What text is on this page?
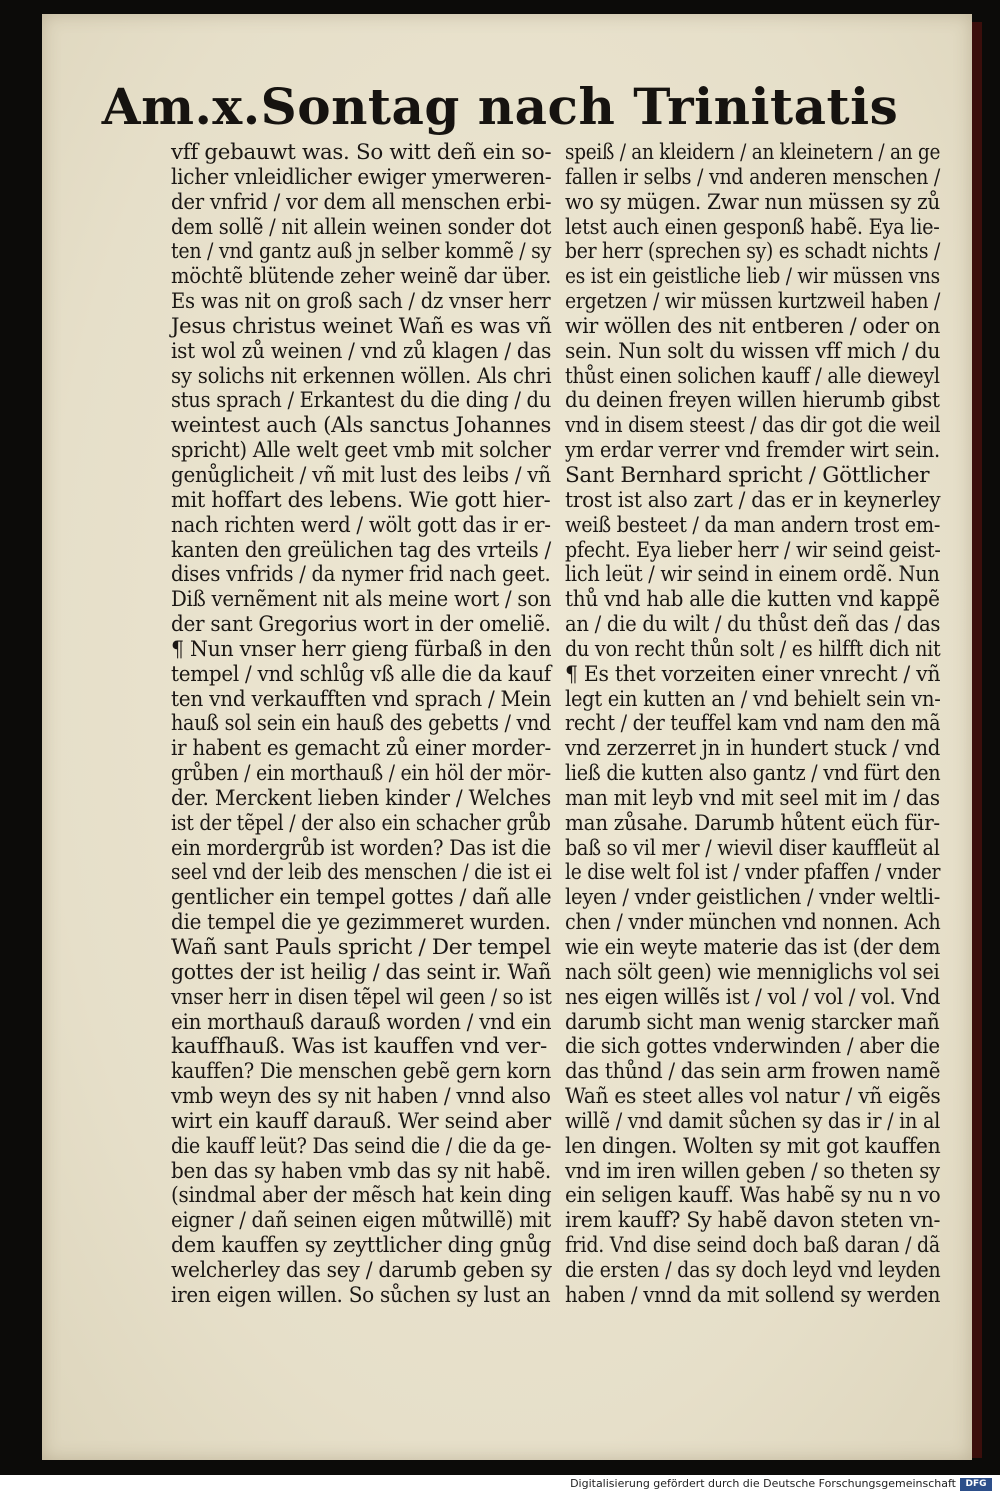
Am.x.Sontag nach Trinitatis
vff gebauwt was. So witt deñ ein so-
licher vnleidlicher ewiger ymerweren-
der vnfrid / vor dem all menschen erbi-
dem sollẽ / nit allein weinen sonder dot
ten / vnd gantz auß jn selber kommẽ / sy
möchtẽ blütende zeher weinẽ dar über.
Es was nit on groß sach / dz vnser herr
Jesus christus weinet Wañ es was vñ
ist wol zů weinen / vnd zů klagen / das
sy solichs nit erkennen wöllen. Als chri
stus sprach / Erkantest du die ding / du
weintest auch (Als sanctus Johannes
spricht) Alle welt geet vmb mit solcher
genůglicheit / vñ mit lust des leibs / vñ
mit hoffart des lebens. Wie gott hier-
nach richten werd / wölt gott das ir er-
kanten den greülichen tag des vrteils /
dises vnfrids / da nymer frid nach geet.
Diß vernẽment nit als meine wort / son
der sant Gregorius wort in der omeliẽ.
¶ Nun vnser herr gieng fürbaß in den
tempel / vnd schlůg vß alle die da kauf
ten vnd verkaufften vnd sprach / Mein
hauß sol sein ein hauß des gebetts / vnd
ir habent es gemacht zů einer morder-
grůben / ein morthauß / ein höl der mör-
der. Merckent lieben kinder / Welches
ist der tẽpel / der also ein schacher grůb
ein mordergrůb ist worden? Das ist die
seel vnd der leib des menschen / die ist ei
gentlicher ein tempel gottes / dañ alle
die tempel die ye gezimmeret wurden.
Wañ sant Pauls spricht / Der tempel
gottes der ist heilig / das seint ir. Wañ
vnser herr in disen tẽpel wil geen / so ist
ein morthauß darauß worden / vnd ein
kauffhauß. Was ist kauffen vnd ver-
kauffen? Die menschen gebẽ gern korn
vmb weyn des sy nit haben / vnnd also
wirt ein kauff darauß. Wer seind aber
die kauff leüt? Das seind die / die da ge-
ben das sy haben vmb das sy nit habẽ.
(sindmal aber der mẽsch hat kein ding
eigner / dañ seinen eigen můtwillẽ) mit
dem kauffen sy zeyttlicher ding gnůg
welcherley das sey / darumb geben sy
iren eigen willen. So sůchen sy lust an
speiß / an kleidern / an kleinetern / an ge
fallen ir selbs / vnd anderen menschen /
wo sy mügen. Zwar nun müssen sy zů
letst auch einen gesponß habẽ. Eya lie-
ber herr (sprechen sy) es schadt nichts /
es ist ein geistliche lieb / wir müssen vns
ergetzen / wir müssen kurtzweil haben /
wir wöllen des nit entberen / oder on
sein. Nun solt du wissen vff mich / du
thůst einen solichen kauff / alle dieweyl
du deinen freyen willen hierumb gibst
vnd in disem steest / das dir got die weil
ym erdar verrer vnd fremder wirt sein.
Sant Bernhard spricht / Göttlicher
trost ist also zart / das er in keynerley
weiß besteet / da man andern trost em-
pfecht. Eya lieber herr / wir seind geist-
lich leüt / wir seind in einem ordẽ. Nun
thů vnd hab alle die kutten vnd kappẽ
an / die du wilt / du thůst deñ das / das
du von recht thůn solt / es hilfft dich nit
¶ Es thet vorzeiten einer vnrecht / vñ
legt ein kutten an / vnd behielt sein vn-
recht / der teuffel kam vnd nam den mã
vnd zerzerret jn in hundert stuck / vnd
ließ die kutten also gantz / vnd fürt den
man mit leyb vnd mit seel mit im / das
man zůsahe. Darumb hůtent eüch für-
baß so vil mer / wievil diser kauffleüt al
le dise welt fol ist / vnder pfaffen / vnder
leyen / vnder geistlichen / vnder weltli-
chen / vnder münchen vnd nonnen. Ach
wie ein weyte materie das ist (der dem
nach sölt geen) wie menniglichs vol sei
nes eigen willẽs ist / vol / vol / vol. Vnd
darumb sicht man wenig starcker mañ
die sich gottes vnderwinden / aber die
das thůnd / das sein arm frowen namẽ
Wañ es steet alles vol natur / vñ eigẽs
willẽ / vnd damit sůchen sy das ir / in al
len dingen. Wolten sy mit got kauffen
vnd im iren willen geben / so theten sy
ein seligen kauff. Was habẽ sy nu n vo
irem kauff? Sy habẽ davon steten vn-
frid. Vnd dise seind doch baß daran / dã
die ersten / das sy doch leyd vnd leyden
haben / vnnd da mit sollend sy werden
Digitalisierung gefördert durch die Deutsche Forschungsgemeinschaft	DFG
